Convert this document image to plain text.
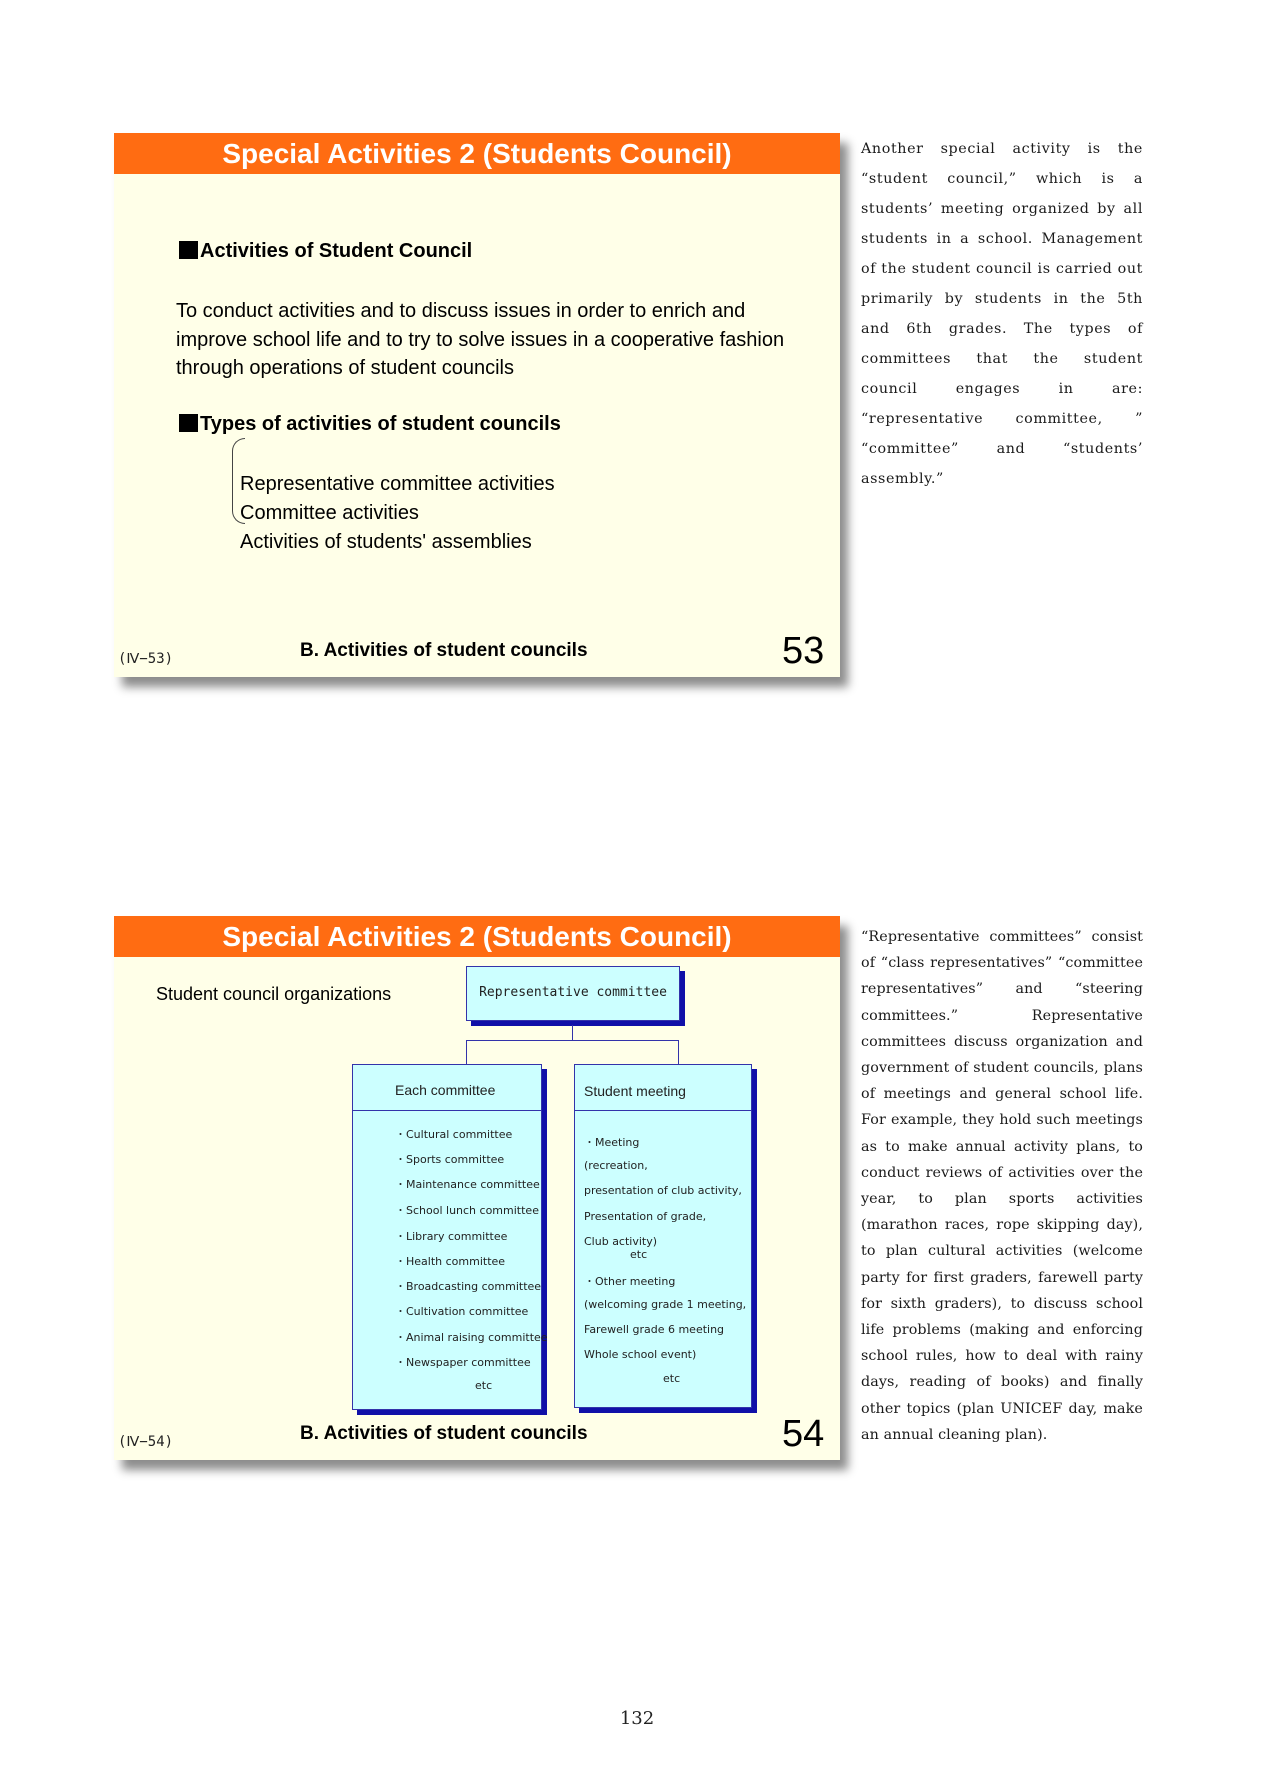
Special Activities 2 (Students Council)
Activities of Student Council
To conduct activities and to discuss issues in order to enrich and
improve school life and to try to solve issues in a cooperative fashion
through operations of student councils
Types of activities of student councils
Representative committee activities
Committee activities
Activities of students' assemblies
(Ⅳ−53)	B. Activities of student councils	53
Another special activity is the “student council,” which is a students’ meeting organized by all students in a school. Management of the student council is carried out primarily by students in the 5th and 6th grades. The types of committees that the student council engages in are: “representative committee, ” “committee” and “students’ assembly.”
Special Activities 2 (Students Council)
Student council organizations	Representative committee
Each committee
・Cultural committee
・Sports committee
・Maintenance committee
・School lunch committee
・Library committee
・Health committee
・Broadcasting committee
・Cultivation committee
・Animal raising committee
・Newspaper committee
etc
Student meeting
・Meeting
(recreation,
presentation of club activity,
Presentation of grade,
Club activity)
etc
・Other meeting
(welcoming grade 1 meeting,
Farewell grade 6 meeting
Whole school event)
etc
(Ⅳ−54)	B. Activities of student councils	54
“Representative committees” consist of “class representatives” “committee representatives” and “steering committees.” Representative committees discuss organization and government of student councils, plans of meetings and general school life. For example, they hold such meetings as to make annual activity plans, to conduct reviews of activities over the year, to plan sports activities (marathon races, rope skipping day), to plan cultural activities (welcome party for first graders, farewell party for sixth graders), to discuss school life problems (making and enforcing school rules, how to deal with rainy days, reading of books) and finally other topics (plan UNICEF day, make an annual cleaning plan).
132
